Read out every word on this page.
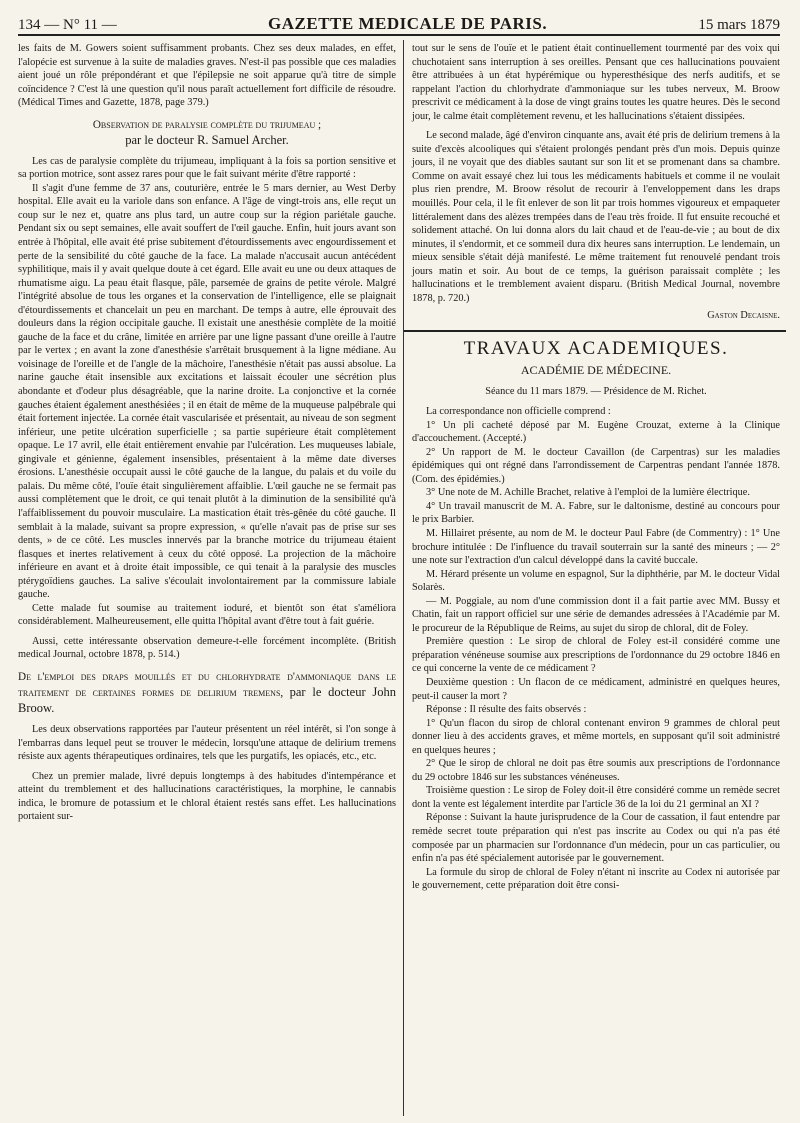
134 — N° 11 —	GAZETTE MEDICALE DE PARIS.	15 mars 1879

les faits de M. Gowers soient suffisamment probants. Chez ses deux malades, en effet, l'alopécie est survenue à la suite de maladies graves. N'est-il pas possible que ces maladies aient joué un rôle prépondérant et que l'épilepsie ne soit apparue qu'à titre de simple coïncidence ? C'est là une question qu'il nous paraît actuellement fort difficile de résoudre. (Médical Times and Gazette, 1878, page 379.)

Observation de paralysie complète du trijumeau ;
par le docteur R. Samuel Archer.

Les cas de paralysie complète du trijumeau, impliquant à la fois sa portion sensitive et sa portion motrice, sont assez rares pour que le fait suivant mérite d'être rapporté :

Il s'agit d'une femme de 37 ans, couturière, entrée le 5 mars dernier, au West Derby hospital. Elle avait eu la variole dans son enfance. A l'âge de vingt-trois ans, elle reçut un coup sur le nez et, quatre ans plus tard, un autre coup sur la région pariétale gauche. Pendant six ou sept semaines, elle avait souffert de l'œil gauche. Enfin, huit jours avant son entrée à l'hôpital, elle avait été prise subitement d'étourdissements avec engourdissement et perte de la sensibilité du côté gauche de la face. La malade n'accusait aucun antécédent syphilitique, mais il y avait quelque doute à cet égard. Elle avait eu une ou deux attaques de rhumatisme aigu. La peau était flasque, pâle, parsemée de grains de petite vérole. Malgré l'intégrité absolue de tous les organes et la conservation de l'intelligence, elle se plaignait d'étourdissements et chancelait un peu en marchant. De temps à autre, elle éprouvait des douleurs dans la région occipitale gauche. Il existait une anesthésie complète de la moitié gauche de la face et du crâne, limitée en arrière par une ligne passant d'une oreille à l'autre par le vertex ; en avant la zone d'anesthésie s'arrêtait brusquement à la ligne médiane. Au voisinage de l'oreille et de l'angle de la mâchoire, l'anesthésie n'était pas aussi absolue. La narine gauche était insensible aux excitations et laissait écouler une sécrétion plus abondante et d'odeur plus désagréable, que la narine droite. La conjonctive et la cornée gauches étaient également anesthésiées ; il en était de même de la muqueuse palpébrale qui était fortement injectée. La cornée était vascularisée et présentait, au niveau de son segment inférieur, une petite ulcération superficielle ; sa partie supérieure était complètement opaque. Le 17 avril, elle était entièrement envahie par l'ulcération. Les muqueuses labiale, gingivale et génienne, également insensibles, présentaient à la même date diverses érosions. L'anesthésie occupait aussi le côté gauche de la langue, du palais et du voile du palais. Du même côté, l'ouïe était singulièrement affaiblie. L'œil gauche ne se fermait pas aussi complètement que le droit, ce qui tenait plutôt à la diminution de la sensibilité qu'à l'affaiblissement du pouvoir musculaire. La mastication était très-gênée du côté gauche. Il semblait à la malade, suivant sa propre expression, « qu'elle n'avait pas de prise sur ses dents, » de ce côté. Les muscles innervés par la branche motrice du trijumeau étaient flasques et inertes relativement à ceux du côté opposé. La projection de la mâchoire inférieure en avant et à droite était impossible, ce qui tenait à la paralysie des muscles ptérygoïdiens gauches. La salive s'écoulait involontairement par la commissure labiale gauche.

Cette malade fut soumise au traitement ioduré, et bientôt son état s'améliora considérablement. Malheureusement, elle quitta l'hôpital avant d'être tout à fait guérie.

Aussi, cette intéressante observation demeure-t-elle forcément incomplète. (British medical Journal, octobre 1878, p. 514.)

De l'emploi des draps mouillés et du chlorhydrate d'ammoniaque dans le traitement de certaines formes de delirium tremens, par le docteur John Broow.

Les deux observations rapportées par l'auteur présentent un réel intérêt, si l'on songe à l'embarras dans lequel peut se trouver le médecin, lorsqu'une attaque de delirium tremens résiste aux agents thérapeutiques ordinaires, tels que les purgatifs, les opiacés, etc., etc.

Chez un premier malade, livré depuis longtemps à des habitudes d'intempérance et atteint du tremblement et des hallucinations caractéristiques, la morphine, le cannabis indica, le bromure de potassium et le chloral étaient restés sans effet. Les hallucinations portaient sur-

tout sur le sens de l'ouïe et le patient était continuellement tourmenté par des voix qui chuchotaient sans interruption à ses oreilles. Pensant que ces hallucinations pouvaient être attribuées à un état hypérémique ou hyperesthésique des nerfs auditifs, et se rappelant l'action du chlorhydrate d'ammoniaque sur les tubes nerveux, M. Broow prescrivit ce médicament à la dose de vingt grains toutes les quatre heures. Dès le second jour, le calme était complètement revenu, et les hallucinations s'étaient dissipées.

Le second malade, âgé d'environ cinquante ans, avait été pris de delirium tremens à la suite d'excès alcooliques qui s'étaient prolongés pendant près d'un mois. Depuis quinze jours, il ne voyait que des diables sautant sur son lit et se promenant dans sa chambre. Comme on avait essayé chez lui tous les médicaments habituels et comme il ne voulait plus rien prendre, M. Broow résolut de recourir à l'enveloppement dans les draps mouillés. Pour cela, il le fit enlever de son lit par trois hommes vigoureux et empaqueter littéralement dans des alèzes trempées dans de l'eau très froide. Il fut ensuite recouché et solidement attaché. On lui donna alors du lait chaud et de l'eau-de-vie ; au bout de dix minutes, il s'endormit, et ce sommeil dura dix heures sans interruption. Le lendemain, un mieux sensible s'était déjà manifesté. Le même traitement fut renouvelé pendant trois jours matin et soir. Au bout de ce temps, la guérison paraissait complète ; les hallucinations et le tremblement avaient disparu. (British Medical Journal, novembre 1878, p. 720.)

Gaston Decaisne.

TRAVAUX ACADEMIQUES.

ACADÉMIE DE MÉDECINE.

Séance du 11 mars 1879. — Présidence de M. Richet.

La correspondance non officielle comprend :

1° Un pli cacheté déposé par M. Eugène Crouzat, externe à la Clinique d'accouchement. (Accepté.)

2° Un rapport de M. le docteur Cavaillon (de Carpentras) sur les maladies épidémiques qui ont régné dans l'arrondissement de Carpentras pendant l'année 1878. (Com. des épidémies.)

3° Une note de M. Achille Brachet, relative à l'emploi de la lumière électrique.

4° Un travail manuscrit de M. A. Fabre, sur le daltonisme, destiné au concours pour le prix Barbier.

M. Hillairet présente, au nom de M. le docteur Paul Fabre (de Commentry) : 1° Une brochure intitulée : De l'influence du travail souterrain sur la santé des mineurs ; — 2° une note sur l'extraction d'un calcul développé dans la cavité buccale.

M. Hérard présente un volume en espagnol, Sur la diphthérie, par M. le docteur Vidal Solarès.

— M. Poggiale, au nom d'une commission dont il a fait partie avec MM. Bussy et Chatin, fait un rapport officiel sur une série de demandes adressées à l'Académie par M. le procureur de la République de Reims, au sujet du sirop de chloral, dit de Foley.

Première question : Le sirop de chloral de Foley est-il considéré comme une préparation vénéneuse soumise aux prescriptions de l'ordonnance du 29 octobre 1846 en ce qui concerne la vente de ce médicament ?

Deuxième question : Un flacon de ce médicament, administré en quelques heures, peut-il causer la mort ?

Réponse : Il résulte des faits observés :

1° Qu'un flacon du sirop de chloral contenant environ 9 grammes de chloral peut donner lieu à des accidents graves, et même mortels, en supposant qu'il soit administré en quelques heures ;

2° Que le sirop de chloral ne doit pas être soumis aux prescriptions de l'ordonnance du 29 octobre 1846 sur les substances vénéneuses.

Troisième question : Le sirop de Foley doit-il être considéré comme un remède secret dont la vente est légalement interdite par l'article 36 de la loi du 21 germinal an XI ?

Réponse : Suivant la haute jurisprudence de la Cour de cassation, il faut entendre par remède secret toute préparation qui n'est pas inscrite au Codex ou qui n'a pas été composée par un pharmacien sur l'ordonnance d'un médecin, pour un cas particulier, ou enfin n'a pas été spécialement autorisée par le gouvernement.

La formule du sirop de chloral de Foley n'étant ni inscrite au Codex ni autorisée par le gouvernement, cette préparation doit être consi-
